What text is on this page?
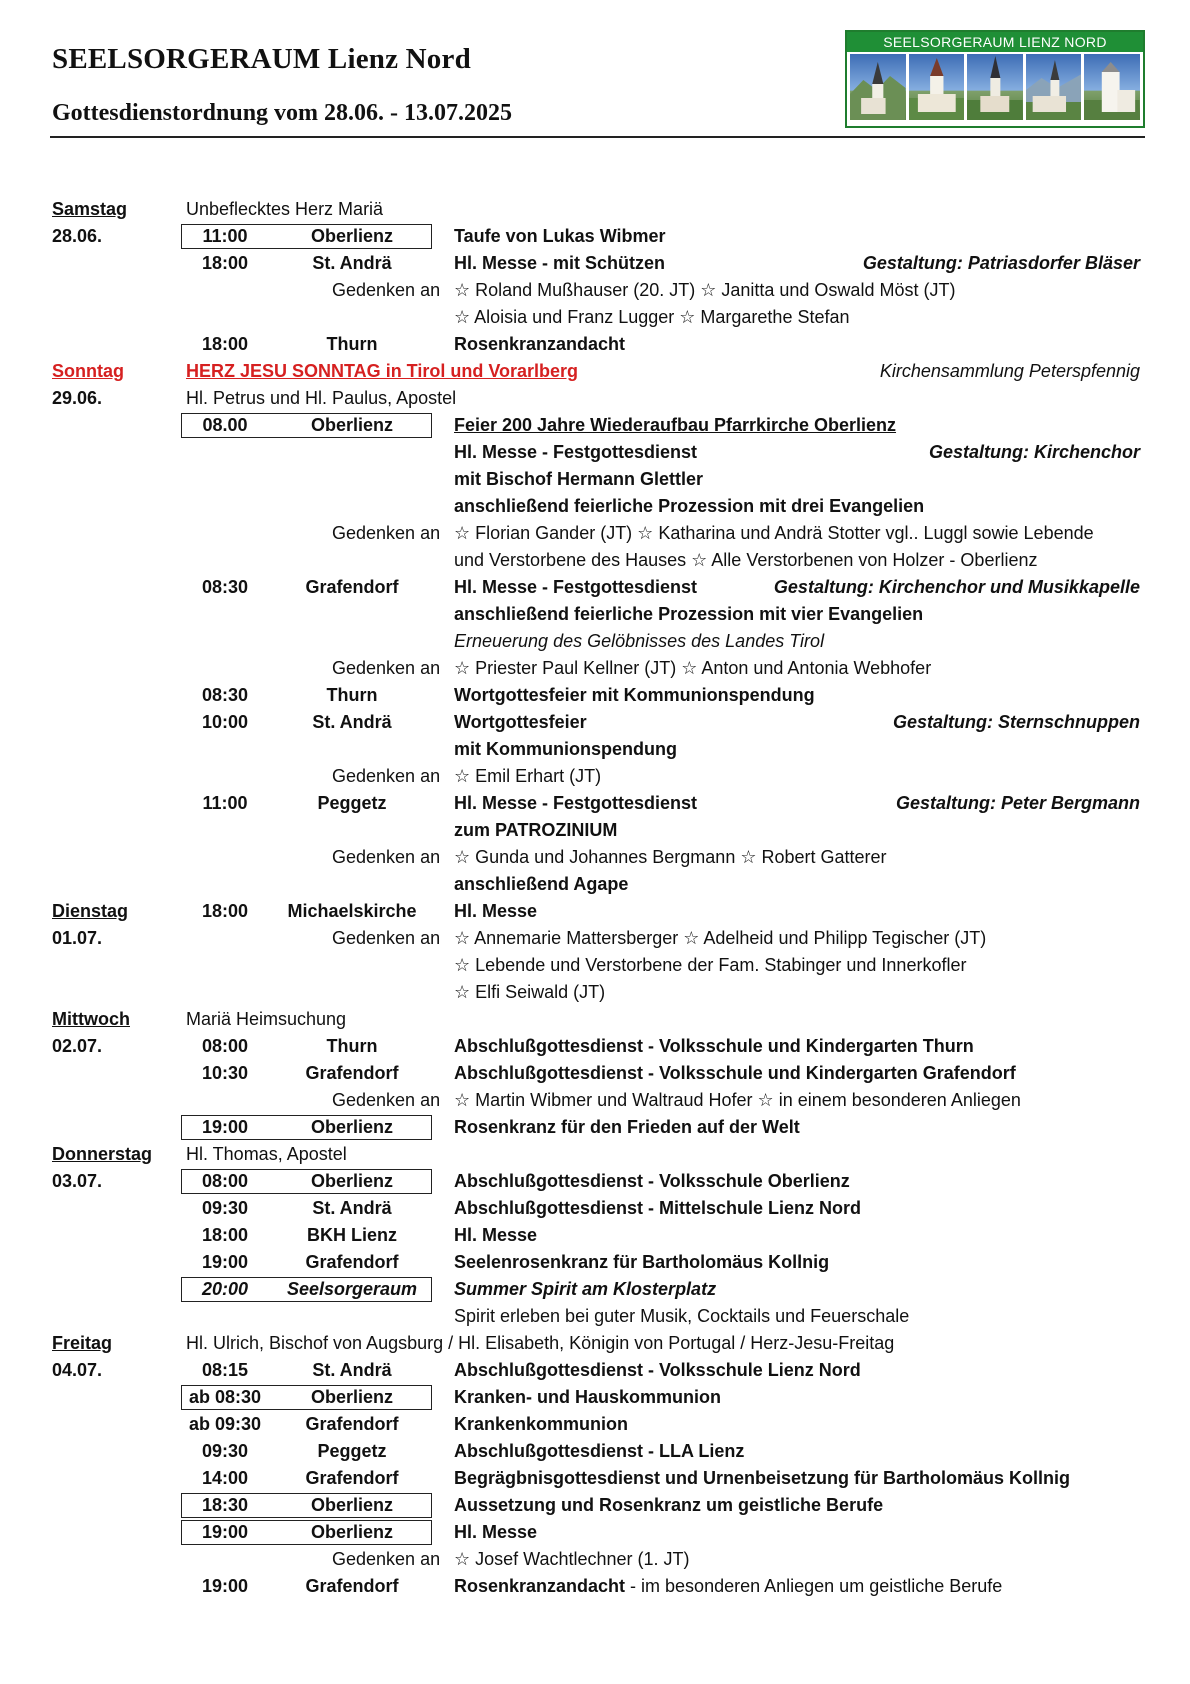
SEELSORGERAUM Lienz Nord
Gottesdienstordnung vom 28.06. - 13.07.2025
SEELSORGERAUM LIENZ NORD
Samstag	Unbeflecktes Herz Mariä
28.06.	11:00	Oberlienz	Taufe von Lukas Wibmer
18:00	St. Andrä	Hl. Messe - mit Schützen	Gestaltung: Patriasdorfer Bläser
Gedenken an ☆ Roland Mußhauser (20. JT) ☆ Janitta und Oswald Möst (JT)
☆ Aloisia und Franz Lugger ☆ Margarethe Stefan
18:00	Thurn	Rosenkranzandacht
Sonntag	HERZ JESU SONNTAG in Tirol und Vorarlberg	Kirchensammlung Peterspfennig
29.06.	Hl. Petrus und Hl. Paulus, Apostel
08.00	Oberlienz	Feier 200 Jahre Wiederaufbau Pfarrkirche Oberlienz
Hl. Messe - Festgottesdienst	Gestaltung: Kirchenchor
mit Bischof Hermann Glettler
anschließend feierliche Prozession mit drei Evangelien
Gedenken an ☆ Florian Gander (JT) ☆ Katharina und Andrä Stotter vgl.. Luggl sowie Lebende
und Verstorbene des Hauses ☆ Alle Verstorbenen von Holzer - Oberlienz
08:30	Grafendorf	Hl. Messe - Festgottesdienst	Gestaltung: Kirchenchor und Musikkapelle
anschließend feierliche Prozession mit vier Evangelien
Erneuerung des Gelöbnisses des Landes Tirol
Gedenken an ☆ Priester Paul Kellner (JT) ☆ Anton und Antonia Webhofer
08:30	Thurn	Wortgottesfeier mit Kommunionspendung
10:00	St. Andrä	Wortgottesfeier	Gestaltung: Sternschnuppen
mit Kommunionspendung
Gedenken an ☆ Emil Erhart (JT)
11:00	Peggetz	Hl. Messe - Festgottesdienst	Gestaltung: Peter Bergmann
zum PATROZINIUM
Gedenken an ☆ Gunda und Johannes Bergmann ☆ Robert Gatterer
anschließend Agape
Dienstag	18:00	Michaelskirche	Hl. Messe
01.07.	Gedenken an ☆ Annemarie Mattersberger ☆ Adelheid und Philipp Tegischer (JT)
☆ Lebende und Verstorbene der Fam. Stabinger und Innerkofler
☆ Elfi Seiwald (JT)
Mittwoch	Mariä Heimsuchung
02.07.	08:00	Thurn	Abschlußgottesdienst - Volksschule und Kindergarten Thurn
10:30	Grafendorf	Abschlußgottesdienst - Volksschule und Kindergarten Grafendorf
Gedenken an ☆ Martin Wibmer und Waltraud Hofer ☆ in einem besonderen Anliegen
19:00	Oberlienz	Rosenkranz für den Frieden auf der Welt
Donnerstag Hl. Thomas, Apostel
03.07.	08:00	Oberlienz	Abschlußgottesdienst - Volksschule Oberlienz
09:30	St. Andrä	Abschlußgottesdienst - Mittelschule Lienz Nord
18:00	BKH Lienz	Hl. Messe
19:00	Grafendorf	Seelenrosenkranz für Bartholomäus Kollnig
20:00	Seelsorgeraum	Summer Spirit am Klosterplatz
Spirit erleben bei guter Musik, Cocktails und Feuerschale
Freitag	Hl. Ulrich, Bischof von Augsburg / Hl. Elisabeth, Königin von Portugal / Herz-Jesu-Freitag
04.07.	08:15	St. Andrä	Abschlußgottesdienst - Volksschule Lienz Nord
ab 08:30	Oberlienz	Kranken- und Hauskommunion
ab 09:30	Grafendorf	Krankenkommunion
09:30	Peggetz	Abschlußgottesdienst - LLA Lienz
14:00	Grafendorf	Begrägbnisgottesdienst und Urnenbeisetzung für Bartholomäus Kollnig
18:30	Oberlienz	Aussetzung und Rosenkranz um geistliche Berufe
19:00	Oberlienz	Hl. Messe
Gedenken an ☆ Josef Wachtlechner (1. JT)
19:00	Grafendorf	Rosenkranzandacht - im besonderen Anliegen um geistliche Berufe
